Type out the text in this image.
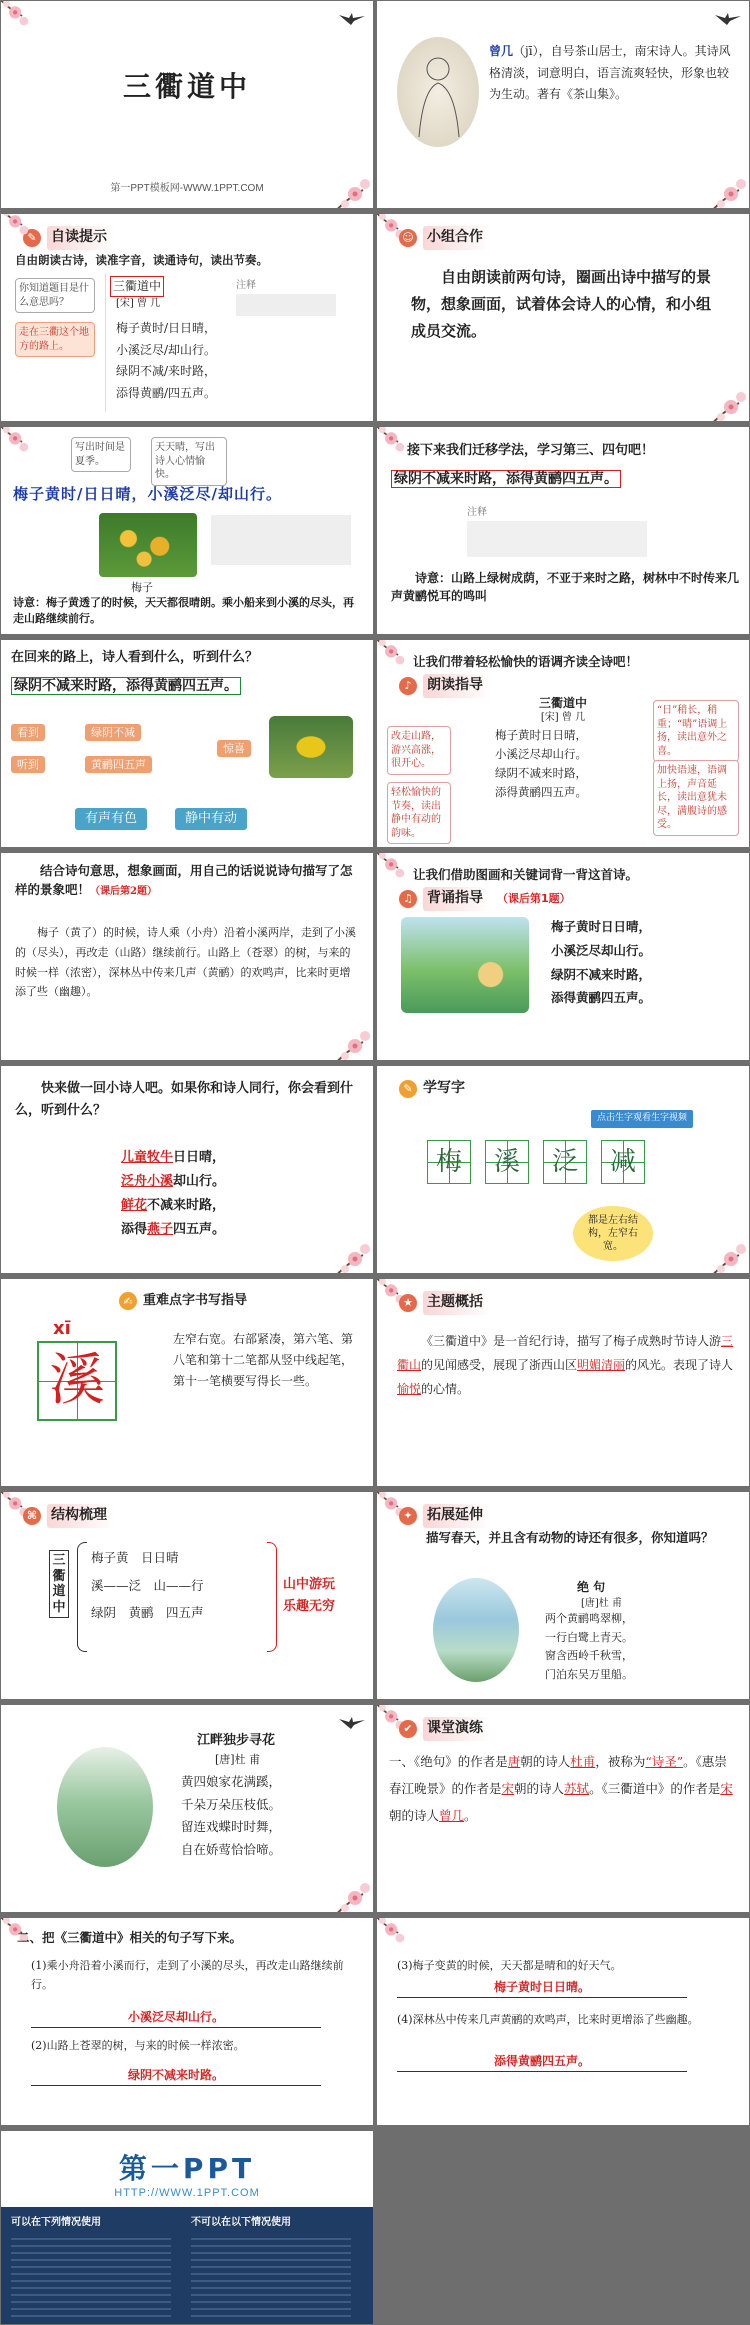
三衢道中
第一PPT模板网-WWW.1PPT.COM
曾几（jī），自号茶山居士，南宋诗人。其诗风格清淡，词意明白，语言流爽轻快，形象也较为生动。著有《茶山集》。
✎	自读提示
自由朗读古诗，读准字音，读通诗句，读出节奏。
你知道题目是什么意思吗？
走在三衢这个地方的路上。
三衢道中
[宋] 曾 几
注释
梅子黄时/日日晴，
小溪泛尽/却山行。
绿阴不减/来时路，
添得黄鹂/四五声。
☺ 小组合作
自由朗读前两句诗，圈画出诗中描写的景物，想象画面，试着体会诗人的心情，和小组成员交流。
写出时间是夏季。
天天晴，写出诗人心情愉快。
梅子黄时/日日晴，小溪泛尽/却山行。
梅子
诗意：梅子黄透了的时候，天天都很晴朗。乘小船来到小溪的尽头，再走山路继续前行。
接下来我们迁移学法，学习第三、四句吧！
绿阴不减来时路，添得黄鹂四五声。
注释
诗意：山路上绿树成荫，不亚于来时之路，树林中不时传来几声黄鹂悦耳的鸣叫
在回来的路上，诗人看到什么，听到什么？
绿阴不减来时路，添得黄鹂四五声。
看到	绿阴不减
听到	黄鹂四五声
惊喜
有声有色	静中有动
让我们带着轻松愉快的语调齐读全诗吧！
♪	朗读指导
三衢道中
[宋] 曾 几
梅子黄时日日晴，
小溪泛尽却山行。
绿阴不减来时路，
添得黄鹂四五声。
改走山路，游兴高涨，很开心。
轻松愉快的节奏，读出静中有动的韵味。
“日”稍长，稍重；“晴”语调上扬，读出意外之喜。
加快语速，语调上扬，声音延长，读出意犹未尽，满腹诗的感受。
结合诗句意思，想象画面，用自己的话说说诗句描写了怎样的景象吧！（课后第2题）
梅子（黄了）的时候，诗人乘（小舟）沿着小溪两岸，走到了小溪的（尽头），再改走（山路）继续前行。山路上（苍翠）的树，与来的时候一样（浓密），深林丛中传来几声（黄鹂）的欢鸣声，比来时更增添了些（幽趣）。
让我们借助图画和关键词背一背这首诗。
♫ 背诵指导	（课后第1题）
梅子黄时日日晴，
小溪泛尽却山行。
绿阴不减来时路，
添得黄鹂四五声。
快来做一回小诗人吧。如果你和诗人同行，你会看到什么，听到什么？
儿童牧牛日日晴，
泛舟小溪却山行。
鲜花不减来时路，
添得燕子四五声。
✎ 学写字
点击生字观看生字视频
梅	溪	泛	减
都是左右结构，左窄右宽。
✍ 重难点字书写指导
xī
溪
左窄右宽。右部紧凑，第六笔、第八笔和第十二笔都从竖中线起笔，第十一笔横要写得长一些。
★ 主题概括
《三衢道中》是一首纪行诗，描写了梅子成熟时节诗人游三衢山的见闻感受，展现了浙西山区明媚清丽的风光。表现了诗人愉悦的心情。
⌘ 结构梳理
三衢道中
梅子黄　日日晴
溪——泛　山——行
绿阴　黄鹂　四五声
山中游玩
乐趣无穷
✦	拓展延伸
描写春天，并且含有动物的诗还有很多，你知道吗？
绝 句
[唐]杜 甫
两个黄鹂鸣翠柳，
一行白鹭上青天。
窗含西岭千秋雪，
门泊东吴万里船。
江畔独步寻花
[唐]杜 甫
黄四娘家花满蹊，
千朵万朵压枝低。
留连戏蝶时时舞，
自在娇莺恰恰啼。
✔	课堂演练
一、《绝句》的作者是唐朝的诗人杜甫，被称为“诗圣”。《惠崇春江晚景》的作者是宋朝的诗人苏轼。《三衢道中》的作者是宋朝的诗人曾几。
二、把《三衢道中》相关的句子写下来。
(1)乘小舟沿着小溪而行，走到了小溪的尽头，再改走山路继续前行。
小溪泛尽却山行。
(2)山路上苍翠的树，与来的时候一样浓密。
绿阴不减来时路。
(3)梅子变黄的时候，天天都是晴和的好天气。
梅子黄时日日晴。
(4)深林丛中传来几声黄鹂的欢鸣声，比来时更增添了些幽趣。
添得黄鹂四五声。
第一PPT
HTTP://WWW.1PPT.COM
可以在下列情况使用	不可以在以下情况使用
